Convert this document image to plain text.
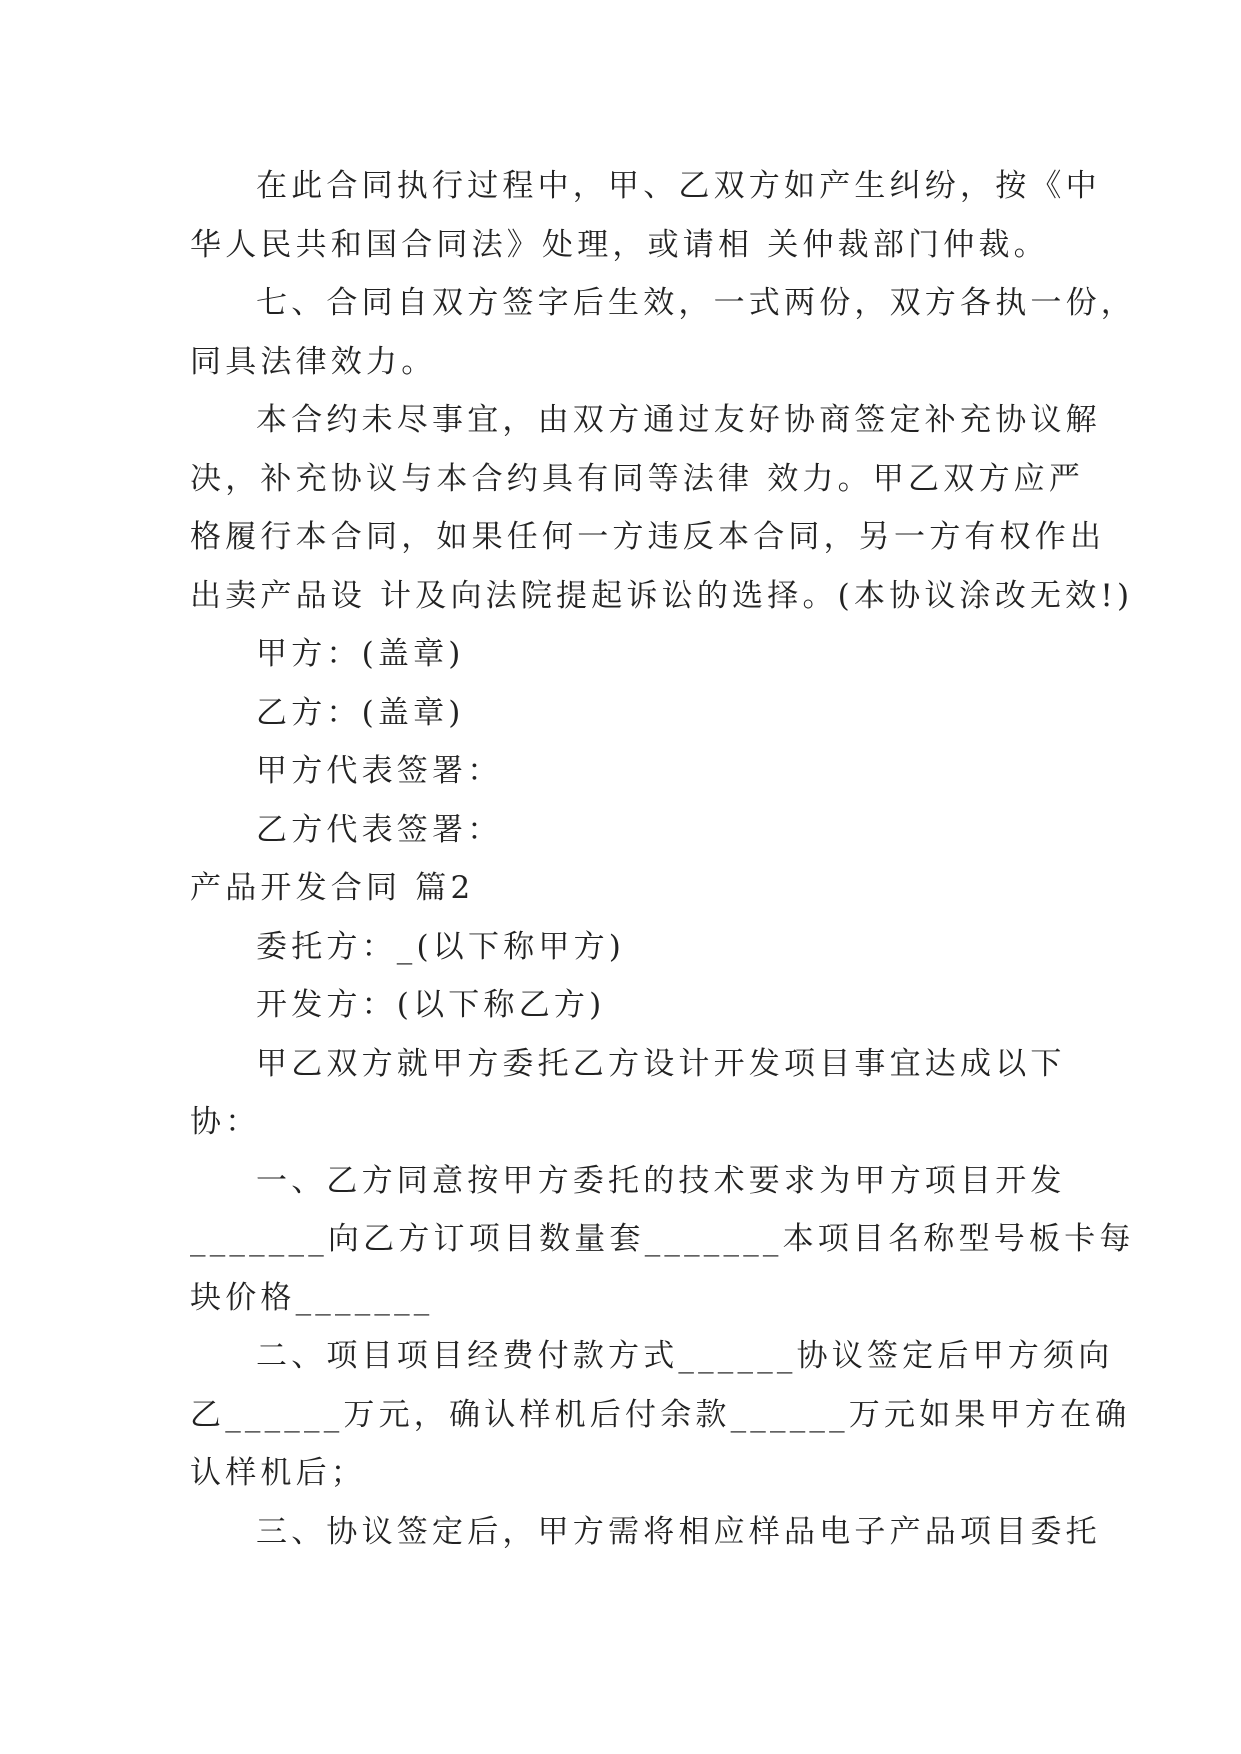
在此合同执行过程中，甲、乙双方如产生纠纷，按《中

华人民共和国合同法》处理，或请相 关仲裁部门仲裁。

七、合同自双方签字后生效，一式两份，双方各执一份，

同具法律效力。

本合约未尽事宜，由双方通过友好协商签定补充协议解

决，补充协议与本合约具有同等法律 效力。甲乙双方应严

格履行本合同，如果任何一方违反本合同，另一方有权作出

出卖产品设 计及向法院提起诉讼的选择。(本协议涂改无效!)

甲方：(盖章)

乙方：(盖章)

甲方代表签署：

乙方代表签署：

产品开发合同 篇2

委托方：_(以下称甲方)

开发方：(以下称乙方)

甲乙双方就甲方委托乙方设计开发项目事宜达成以下

协：

一、乙方同意按甲方委托的技术要求为甲方项目开发

_______向乙方订项目数量套_______本项目名称型号板卡每

块价格_______

二、项目项目经费付款方式______协议签定后甲方须向

乙______万元，确认样机后付余款______万元如果甲方在确

认样机后；

三、协议签定后，甲方需将相应样品电子产品项目委托
